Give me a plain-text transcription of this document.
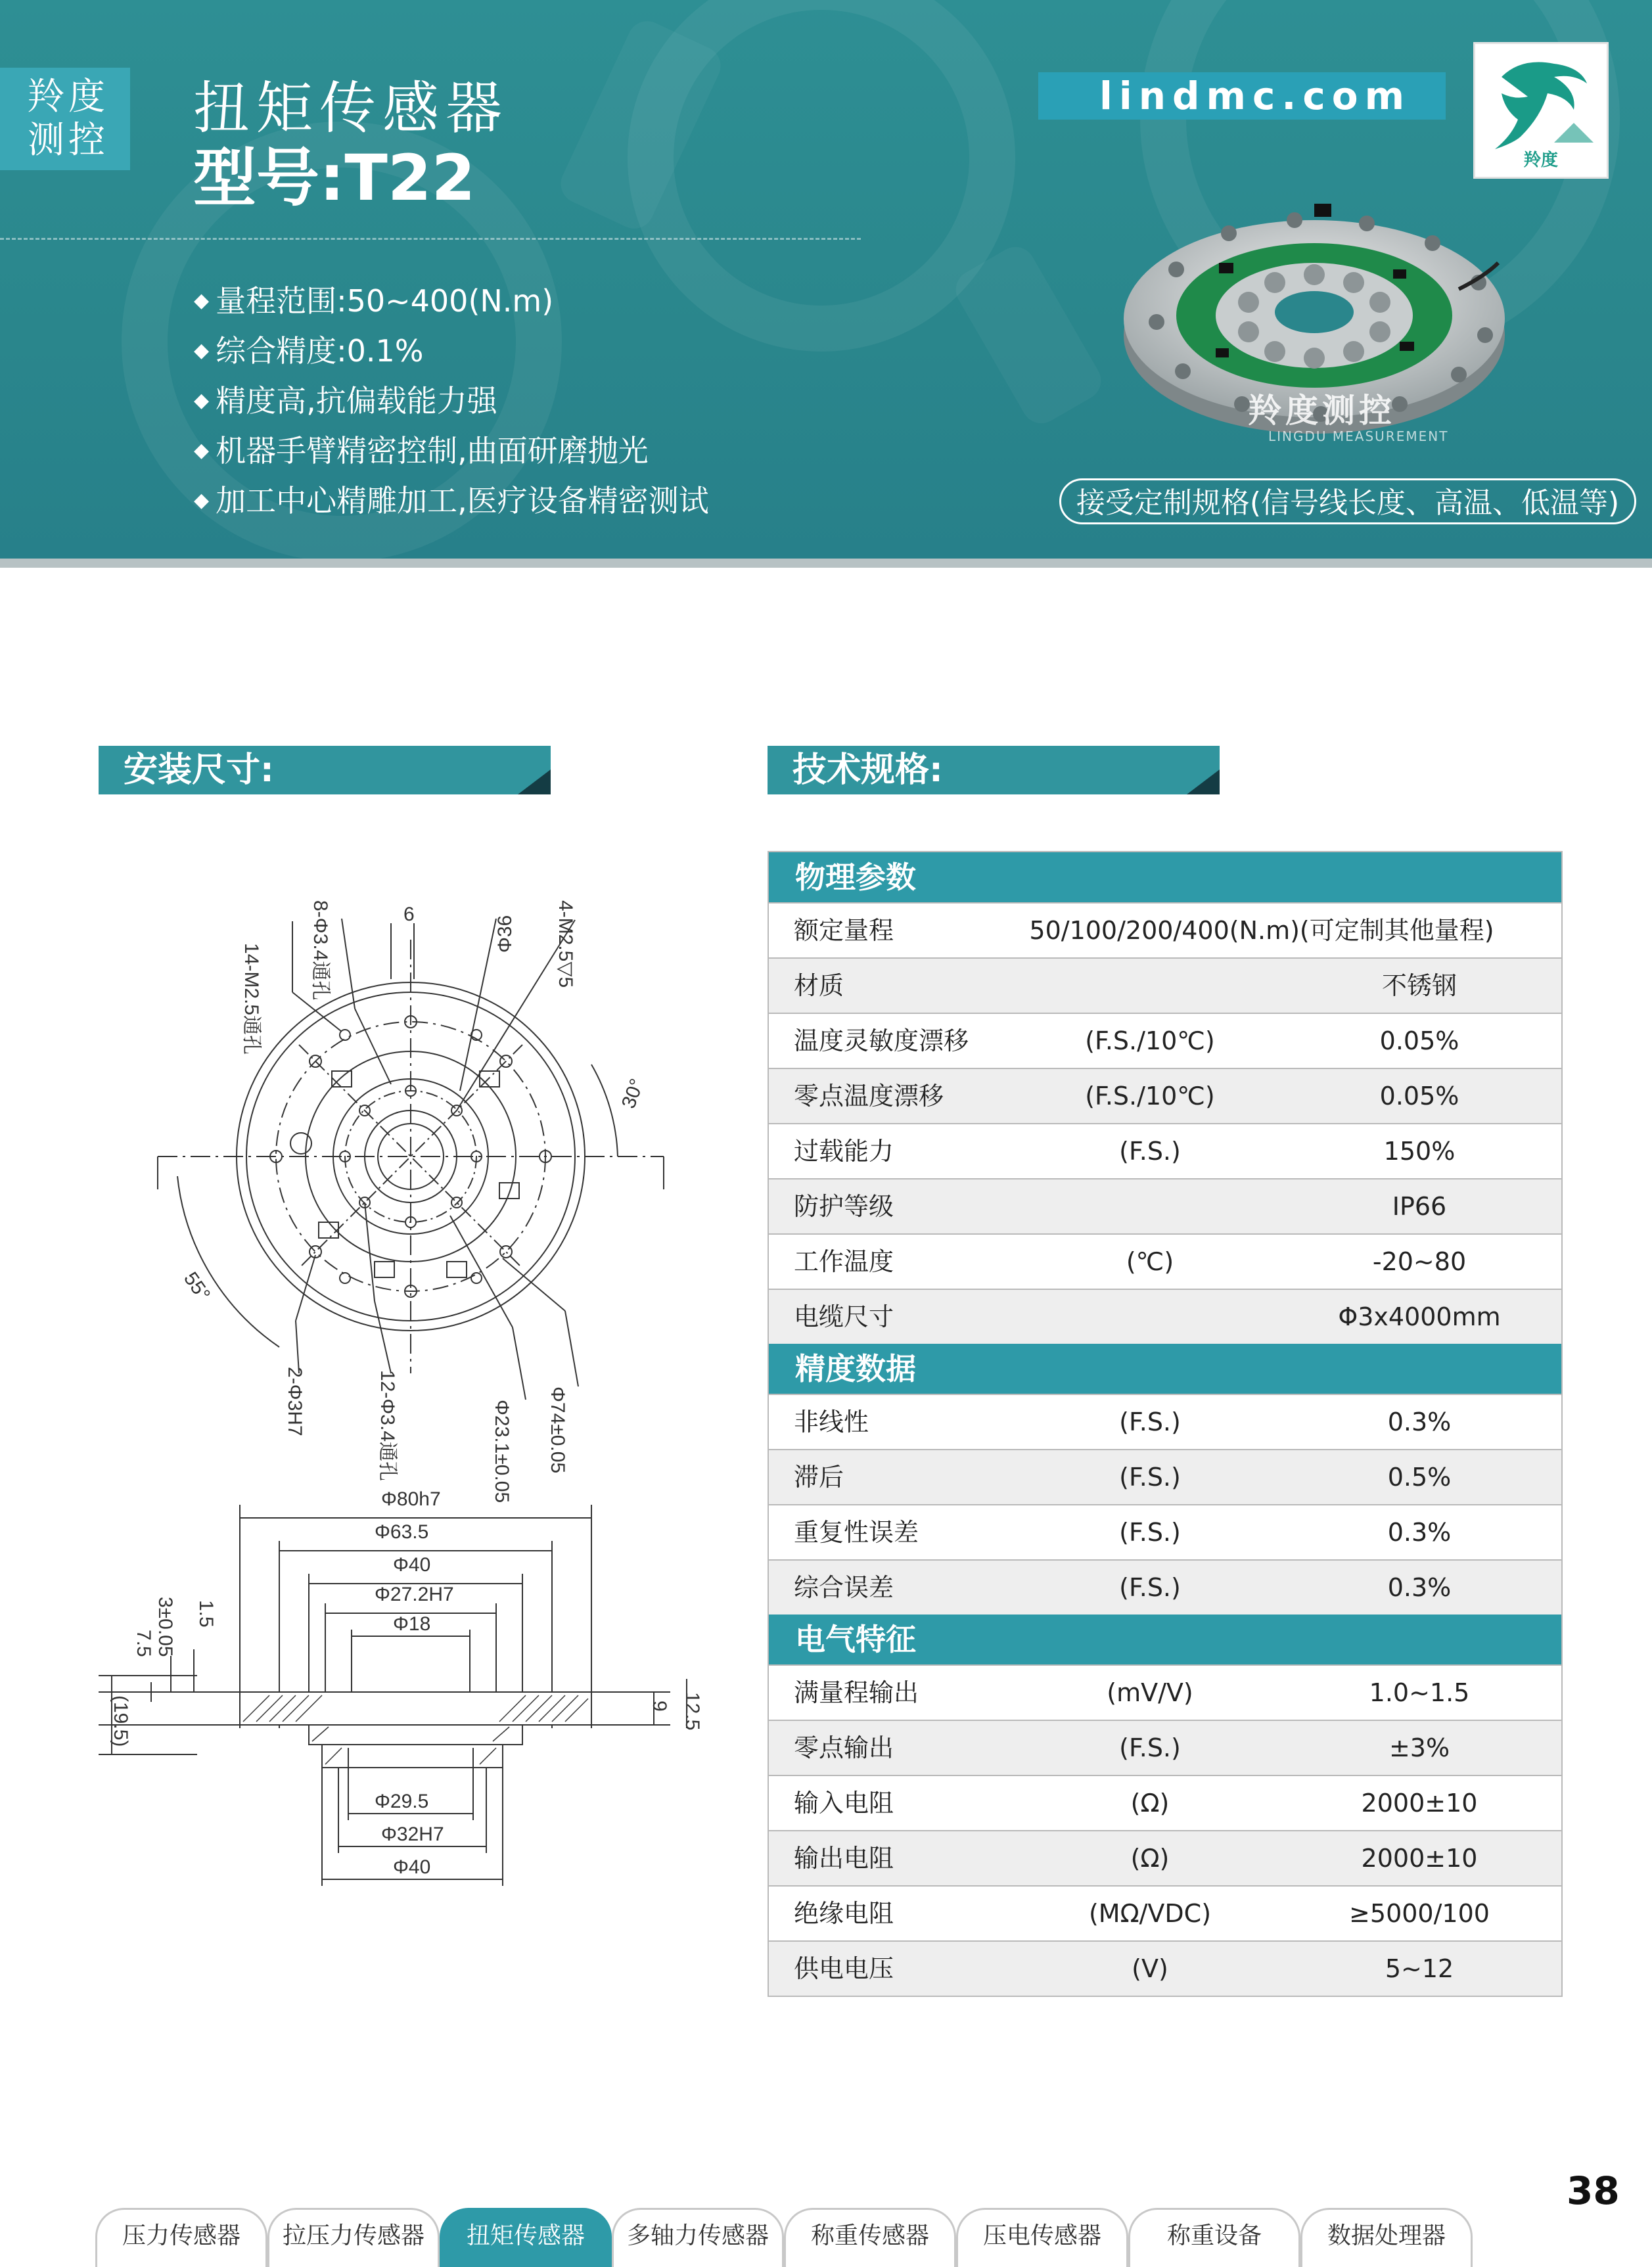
羚度
测控	扭矩传感器
型号:T22
◆ 量程范围:50~400(N.m)
◆ 综合精度:0.1%
◆ 精度高,抗偏载能力强
◆ 机器手臂精密控制,曲面研磨抛光
◆ 加工中心精雕加工,医疗设备精密测试
lindmc.com
羚度
羚度测控
LINGDU MEASUREMENT
接受定制规格(信号线长度、高温、低温等)
安装尺寸:	技术规格:
14-M2.5通孔	8-Φ3.4通孔	6
Φ36 4-M2.5▽5
30°
55°
Φ74±0.05
Φ23.1±0.05
2-Φ3H7	12-Φ3.4通孔
Φ80h7
Φ63.5
Φ40
Φ27.2H7
Φ18
3±0.05
7.5
1.5
(19.5)	9 12.5
Φ29.5
Φ32H7
Φ40
物理参数
额定量程	50/100/200/400(N.m)(可定制其他量程)
材质	不锈钢
温度灵敏度漂移	(F.S./10℃)	0.05%
零点温度漂移	(F.S./10℃)	0.05%
过载能力	(F.S.)	150%
防护等级	IP66
工作温度	(℃)	-20~80
电缆尺寸	Φ3x4000mm
精度数据
非线性	(F.S.)	0.3%
滞后	(F.S.)	0.5%
重复性误差	(F.S.)	0.3%
综合误差	(F.S.)	0.3%
电气特征
满量程输出	(mV/V)	1.0~1.5
零点输出	(F.S.)	±3%
输入电阻	(Ω)	2000±10
输出电阻	(Ω)	2000±10
绝缘电阻	(MΩ/VDC)	≥5000/100
供电电压	(V)	5~12
38
压力传感器	拉压力传感器	扭矩传感器	多轴力传感器	称重传感器	压电传感器	称重设备	数据处理器
